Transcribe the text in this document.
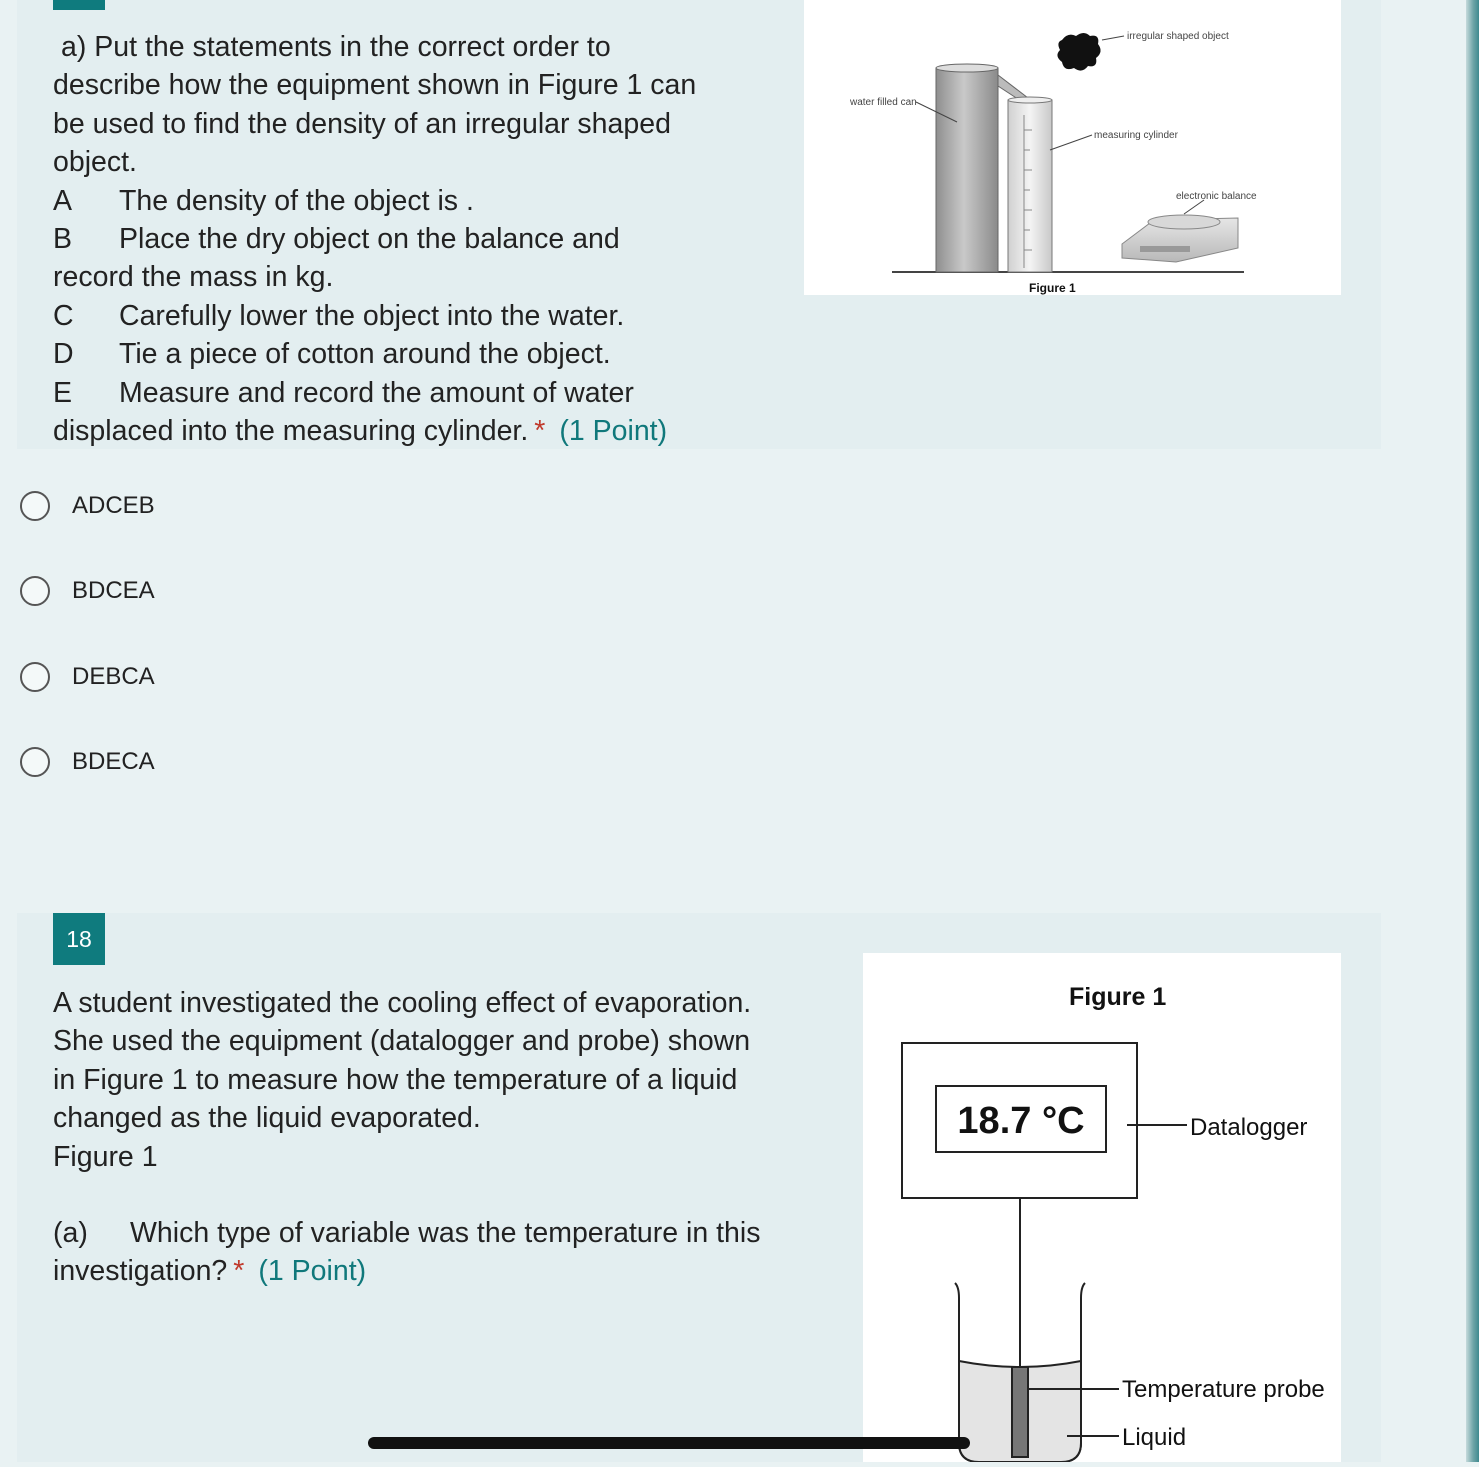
a) Put the statements in the correct order to
describe how the equipment shown in Figure 1 can
be used to find the density of an irregular shaped
object.
A The density of the object is .
B Place the dry object on the balance and
record the mass in kg.
C Carefully lower the object into the water.
D Tie a piece of cotton around the object.
E Measure and record the amount of water
displaced into the measuring cylinder. * (1 Point)
irregular shaped object
water filled can
measuring cylinder
electronic balance
Figure 1
ADCEB
BDCEA
DEBCA
BDECA
18
A student investigated the cooling effect of evaporation.
She used the equipment (datalogger and probe) shown
in Figure 1 to measure how the temperature of a liquid
changed as the liquid evaporated.
Figure 1
(a) Which type of variable was the temperature in this
investigation? * (1 Point)
Figure 1
18.7 °C	Datalogger
Temperature probe
Liquid
